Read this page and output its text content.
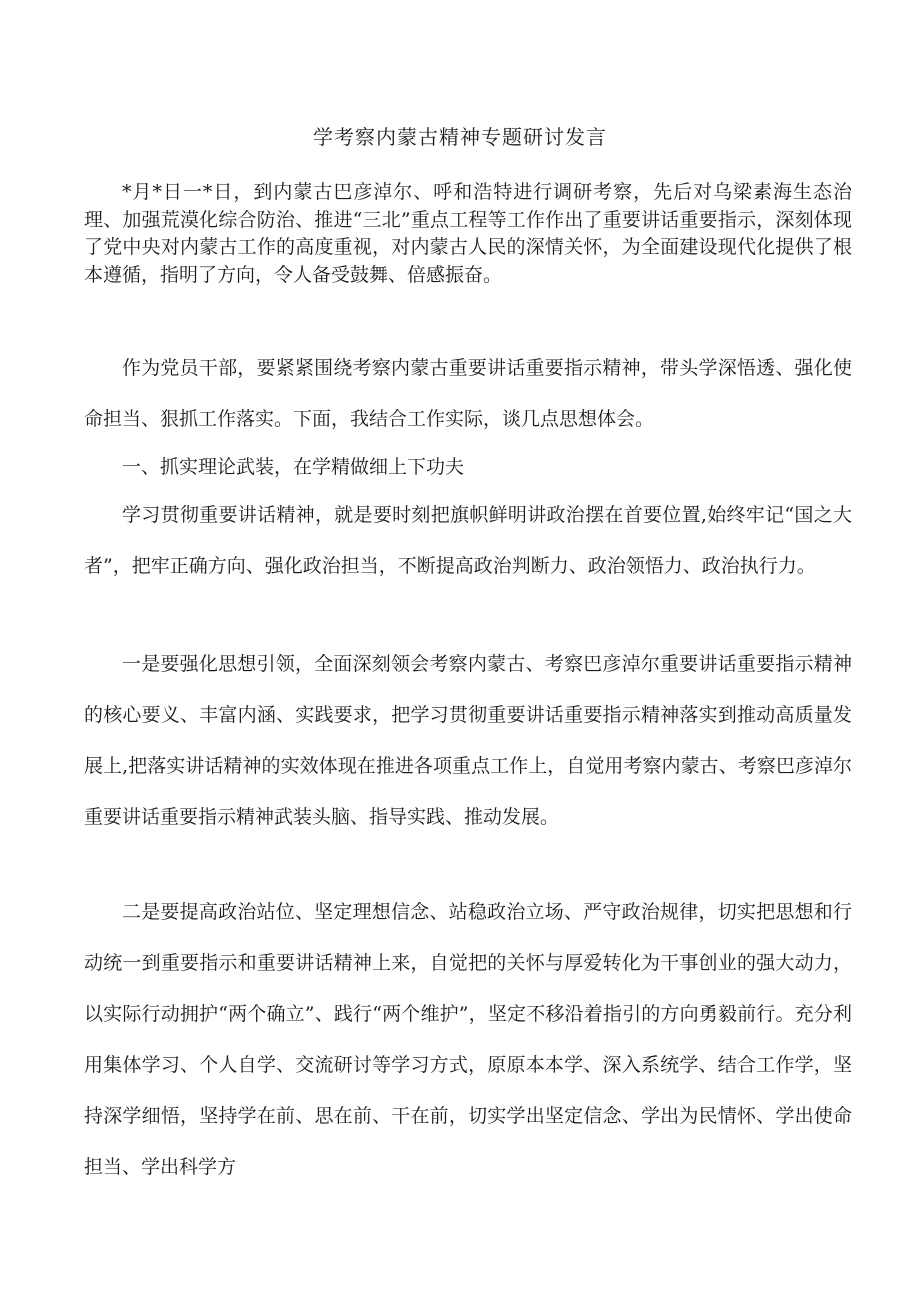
学考察内蒙古精神专题研讨发言

*月*日一*日，到内蒙古巴彦淖尔、呼和浩特进行调研考察，先后对乌梁素海生态治理、加强荒漠化综合防治、推进“三北”重点工程等工作作出了重要讲话重要指示，深刻体现了党中央对内蒙古工作的高度重视，对内蒙古人民的深情关怀，为全面建设现代化提供了根本遵循，指明了方向，令人备受鼓舞、倍感振奋。

作为党员干部，要紧紧围绕考察内蒙古重要讲话重要指示精神，带头学深悟透、强化使命担当、狠抓工作落实。下面，我结合工作实际，谈几点思想体会。

一、抓实理论武装，在学精做细上下功夫

学习贯彻重要讲话精神，就是要时刻把旗帜鲜明讲政治摆在首要位置,始终牢记“国之大者”，把牢正确方向、强化政治担当，不断提高政治判断力、政治领悟力、政治执行力。

一是要强化思想引领，全面深刻领会考察内蒙古、考察巴彦淖尔重要讲话重要指示精神的核心要义、丰富内涵、实践要求，把学习贯彻重要讲话重要指示精神落实到推动高质量发展上,把落实讲话精神的实效体现在推进各项重点工作上，自觉用考察内蒙古、考察巴彦淖尔重要讲话重要指示精神武装头脑、指导实践、推动发展。

二是要提高政治站位、坚定理想信念、站稳政治立场、严守政治规律，切实把思想和行动统一到重要指示和重要讲话精神上来，自觉把的关怀与厚爱转化为干事创业的强大动力，以实际行动拥护“两个确立”、践行“两个维护”，坚定不移沿着指引的方向勇毅前行。充分利用集体学习、个人自学、交流研讨等学习方式，原原本本学、深入系统学、结合工作学，坚持深学细悟，坚持学在前、思在前、干在前，切实学出坚定信念、学出为民情怀、学出使命担当、学出科学方
